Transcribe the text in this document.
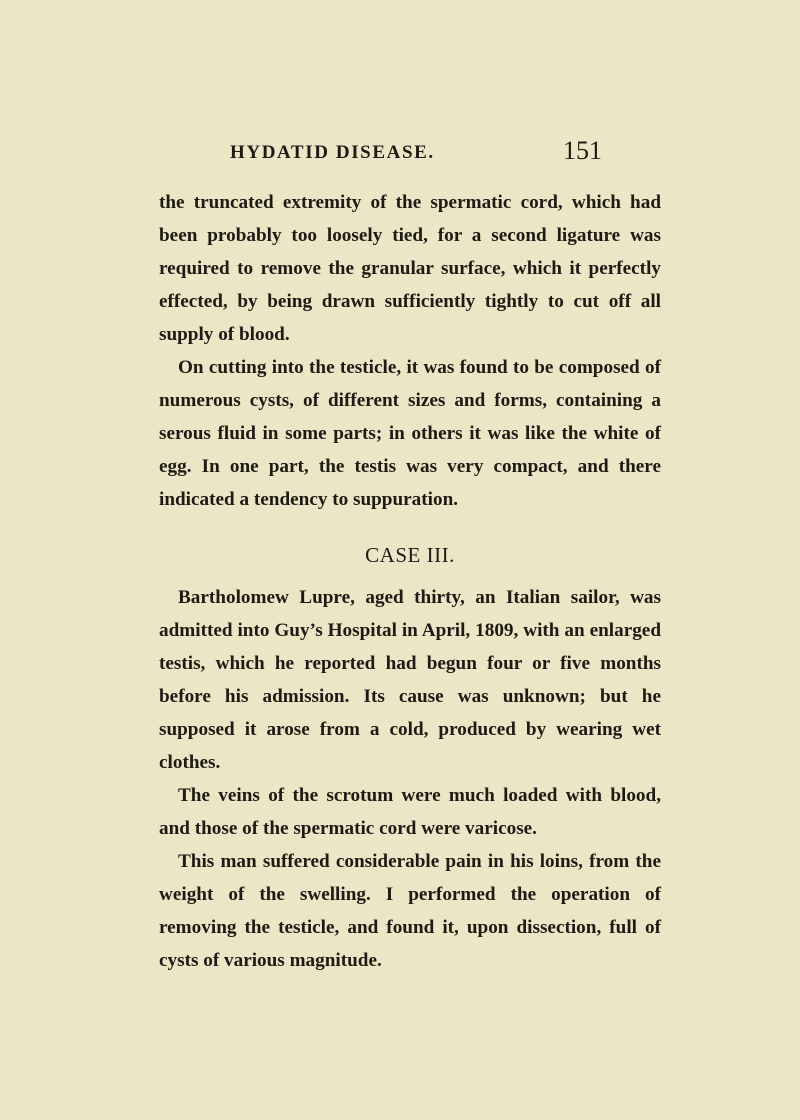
HYDATID DISEASE.	151

the truncated extremity of the spermatic cord, which had been probably too loosely tied, for a second ligature was required to remove the granular surface, which it perfectly effected, by being drawn sufficiently tightly to cut off all supply of blood.

On cutting into the testicle, it was found to be composed of numerous cysts, of different sizes and forms, containing a serous fluid in some parts; in others it was like the white of egg. In one part, the testis was very compact, and there indicated a tendency to suppuration.

CASE III.

Bartholomew Lupre, aged thirty, an Italian sailor, was admitted into Guy’s Hospital in April, 1809, with an enlarged testis, which he reported had begun four or five months before his admission. Its cause was unknown; but he supposed it arose from a cold, produced by wearing wet clothes.

The veins of the scrotum were much loaded with blood, and those of the spermatic cord were varicose.

This man suffered considerable pain in his loins, from the weight of the swelling. I performed the operation of removing the testicle, and found it, upon dissection, full of cysts of various magnitude.
